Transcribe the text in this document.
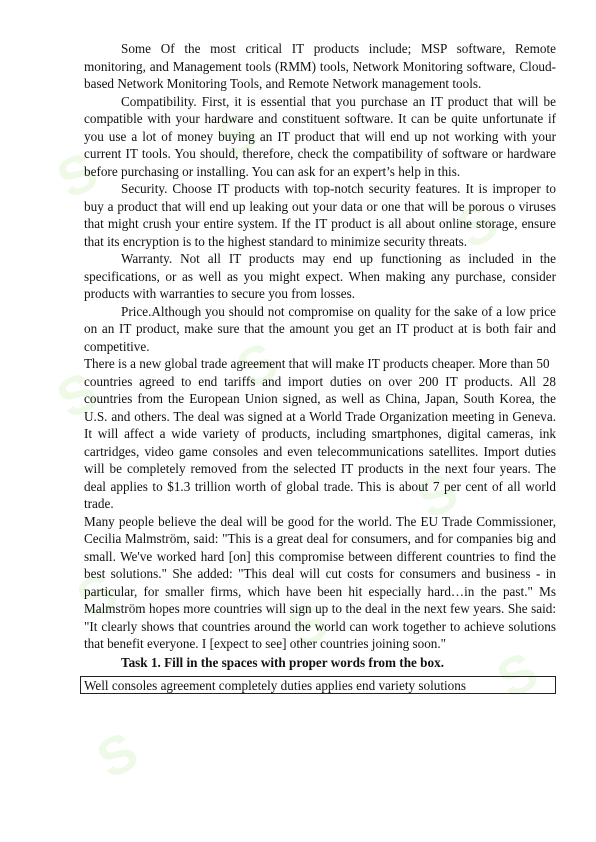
S
S
S
S S
S
S	S
S
S

Some Of the most critical IT products include; MSP software, Remote monitoring, and Management tools (RMM) tools, Network Monitoring software, Cloud-based Network Monitoring Tools, and Remote Network management tools.

Compatibility. First, it is essential that you purchase an IT product that will be compatible with your hardware and constituent software. It can be quite unfortunate if you use a lot of money buying an IT product that will end up not working with your current IT tools. You should, therefore, check the compatibility of software or hardware before purchasing or installing. You can ask for an expert’s help in this.

Security. Choose IT products with top-notch security features. It is improper to buy a product that will end up leaking out your data or one that will be porous o viruses that might crush your entire system. If the IT product is all about online storage, ensure that its encryption is to the highest standard to minimize security threats.

Warranty. Not all IT products may end up functioning as included in the specifications, or as well as you might expect. When making any purchase, consider products with warranties to secure you from losses.

Price.Although you should not compromise on quality for the sake of a low price on an IT product, make sure that the amount you get an IT product at is both fair and competitive.

There is a new global trade agreement that will make IT products cheaper. More than 50

countries agreed to end tariffs and import duties on over 200 IT products. All 28 countries from the European Union signed, as well as China, Japan, South Korea, the U.S. and others. The deal was signed at a World Trade Organization meeting in Geneva. It will affect a wide variety of products, including smartphones, digital cameras, ink cartridges, video game consoles and even telecommunications satellites. Import duties will be completely removed from the selected IT products in the next four years. The deal applies to $1.3 trillion worth of global trade. This is about 7 per cent of all world trade.

Many people believe the deal will be good for the world. The EU Trade Commissioner, Cecilia Malmström, said: "This is a great deal for consumers, and for companies big and small. We've worked hard [on] this compromise between different countries to find the best solutions." She added: "This deal will cut costs for consumers and business - in particular, for smaller firms, which have been hit especially hard…in the past." Ms Malmström hopes more countries will sign up to the deal in the next few years. She said: "It clearly shows that countries around the world can work together to achieve solutions that benefit everyone. I [expect to see] other countries joining soon."

Task 1. Fill in the spaces with proper words from the box.

Well consoles agreement completely duties applies end variety solutions
